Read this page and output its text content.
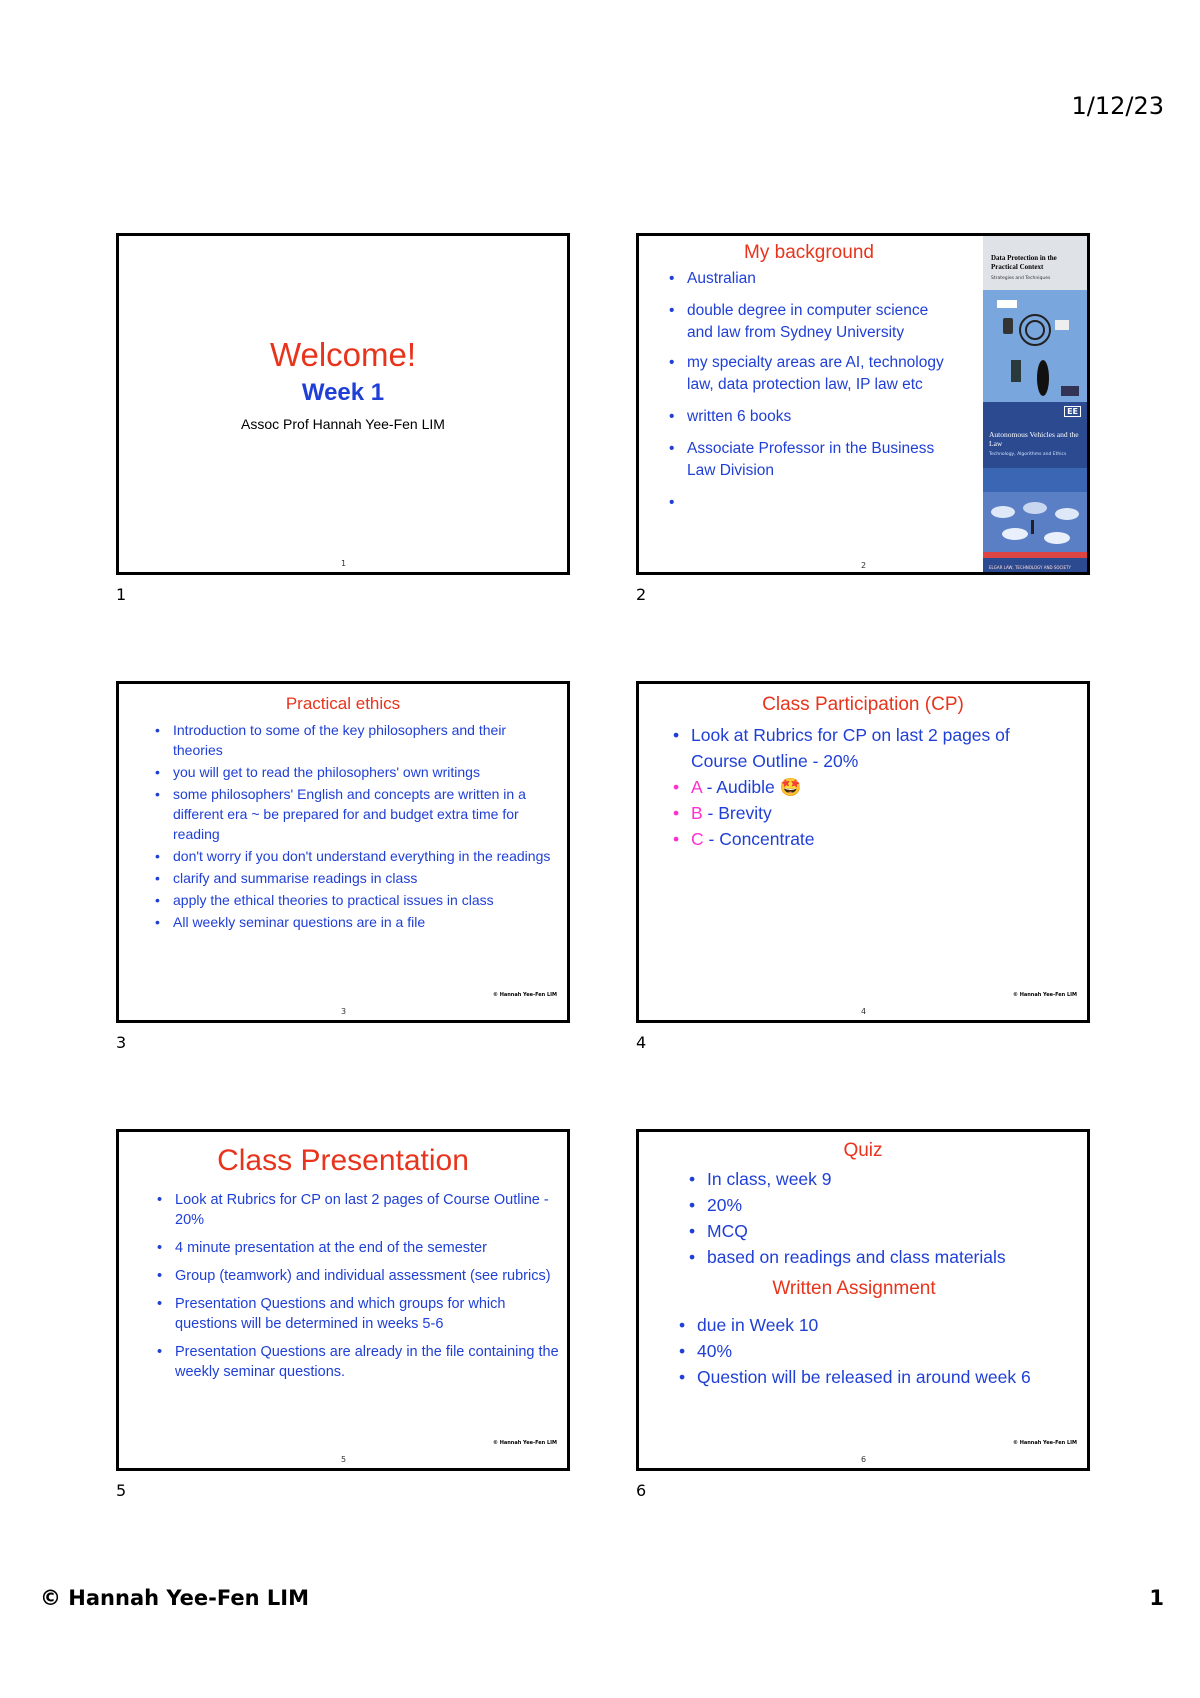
1/12/23
Welcome!
Week 1
Assoc Prof Hannah Yee-Fen LIM
1
1
My background
• Australian
• double degree in computer science and law from Sydney University
• my specialty areas are AI, technology law, data protection law, IP law etc
• written 6 books
• Associate Professor in the Business Law Division
•

Data Protection in the Practical Context
Strategies and Techniques
EE
Autonomous Vehicles and the Law
Technology, Algorithms and Ethics
ELGAR LAW, TECHNOLOGY AND SOCIETY
2
2
Practical ethics
• Introduction to some of the key philosophers and their theories
• you will get to read the philosophers' own writings
• some philosophers' English and concepts are written in a different era ~ be prepared for and budget extra time for reading
• don't worry if you don't understand everything in the readings
• clarify and summarise readings in class
• apply the ethical theories to practical issues in class
• All weekly seminar questions are in a file
© Hannah Yee-Fen LIM
3
3
Class Participation (CP)
• Look at Rubrics for CP on last 2 pages of Course Outline - 20%
• A - Audible 🤩
• B - Brevity
• C - Concentrate
© Hannah Yee-Fen LIM
4
4
Class Presentation
• Look at Rubrics for CP on last 2 pages of Course Outline - 20%
• 4 minute presentation at the end of the semester
• Group (teamwork) and individual assessment (see rubrics)
• Presentation Questions and which groups for which questions will be determined in weeks 5-6
• Presentation Questions are already in the file containing the weekly seminar questions.
© Hannah Yee-Fen LIM
5
5
Quiz
• In class, week 9
• 20%
• MCQ
• based on readings and class materials
Written Assignment
• due in Week 10
• 40%
• Question will be released in around week 6
© Hannah Yee-Fen LIM
6
6
© Hannah Yee-Fen LIM	1
